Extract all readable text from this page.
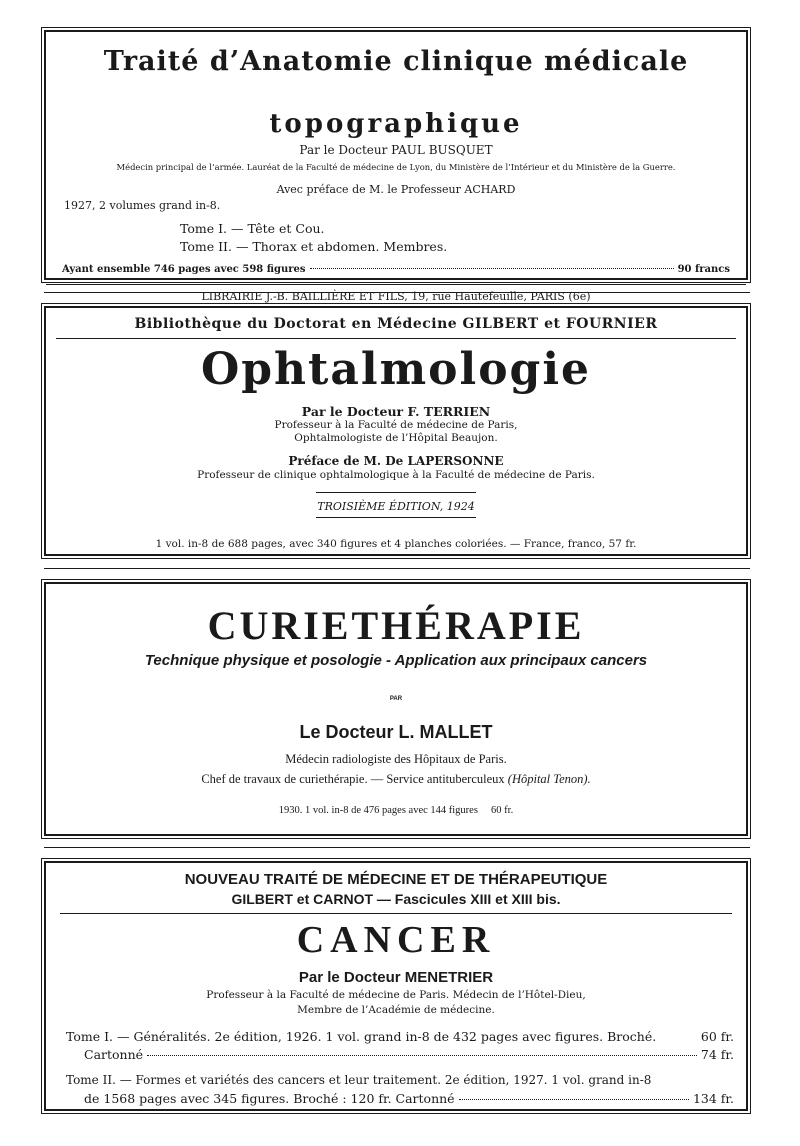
Traité d’Anatomie clinique médicale
topographique
Par le Docteur PAUL BUSQUET
Médecin principal de l’armée. Lauréat de la Faculté de médecine de Lyon, du Ministère de l’Intérieur et du Ministère de la Guerre.
Avec préface de M. le Professeur ACHARD
1927, 2 volumes grand in-8.
Tome I. — Tête et Cou.
Tome II. — Thorax et abdomen. Membres.
Ayant ensemble 746 pages avec 598 figures	90 francs
LIBRAIRIE J.-B. BAILLIÈRE ET FILS, 19, rue Hautefeuille, PARIS (6e)
Bibliothèque du Doctorat en Médecine GILBERT et FOURNIER
Ophtalmologie
Par le Docteur F. TERRIEN
Professeur à la Faculté de médecine de Paris,
Ophtalmologiste de l’Hôpital Beaujon.
Préface de M. De LAPERSONNE
Professeur de clinique ophtalmologique à la Faculté de médecine de Paris.
TROISIÈME ÉDITION, 1924
1 vol. in-8 de 688 pages, avec 340 figures et 4 planches coloriées. — France, franco, 57 fr.
CURIETHÉRAPIE
Technique physique et posologie - Application aux principaux cancers
PAR
Le Docteur L. MALLET
Médecin radiologiste des Hôpitaux de Paris.
Chef de travaux de curiethérapie. — Service antituberculeux (Hôpital Tenon).
1930. 1 vol. in-8 de 476 pages avec 144 figures     60 fr.
NOUVEAU TRAITÉ DE MÉDECINE ET DE THÉRAPEUTIQUE
GILBERT et CARNOT — Fascicules XIII et XIII bis.
CANCER
Par le Docteur MENETRIER
Professeur à la Faculté de médecine de Paris. Médecin de l’Hôtel-Dieu,
Membre de l’Académie de médecine.
Tome I. — Généralités. 2e édition, 1926. 1 vol. grand in-8 de 432 pages avec figures. Broché.	60 fr.
Cartonné	74 fr.
Tome II. — Formes et variétés des cancers et leur traitement. 2e édition, 1927. 1 vol. grand in-8
de 1568 pages avec 345 figures. Broché : 120 fr. Cartonné	134 fr.
